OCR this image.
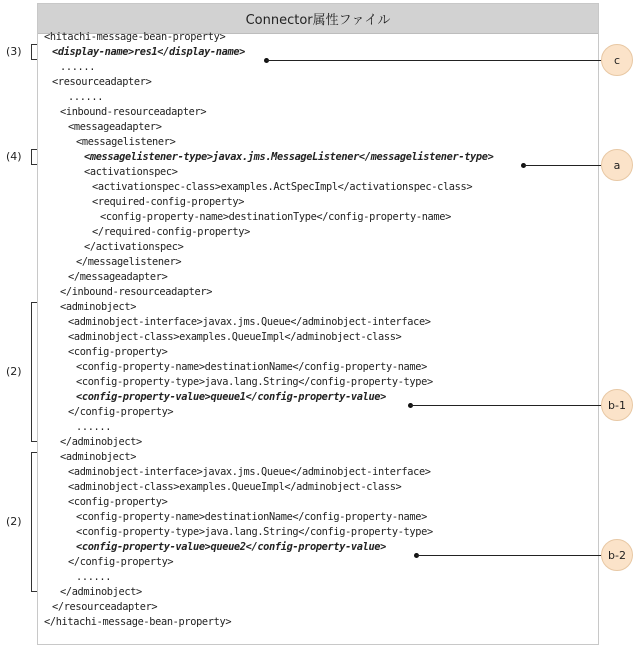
Connector属性ファイル
<hitachi-message-bean-property>
<display-name>res1</display-name>
......
<resourceadapter>
......
<inbound-resourceadapter>
<messageadapter>
<messagelistener>
<messagelistener-type>javax.jms.MessageListener</messagelistener-type>
<activationspec>
<activationspec-class>examples.ActSpecImpl</activationspec-class>
<required-config-property>
<config-property-name>destinationType</config-property-name>
</required-config-property>
</activationspec>
</messagelistener>
</messageadapter>
</inbound-resourceadapter>
<adminobject>
<adminobject-interface>javax.jms.Queue</adminobject-interface>
<adminobject-class>examples.QueueImpl</adminobject-class>
<config-property>
<config-property-name>destinationName</config-property-name>
<config-property-type>java.lang.String</config-property-type>
<config-property-value>queue1</config-property-value>
</config-property>
......
</adminobject>
<adminobject>
<adminobject-interface>javax.jms.Queue</adminobject-interface>
<adminobject-class>examples.QueueImpl</adminobject-class>
<config-property>
<config-property-name>destinationName</config-property-name>
<config-property-type>java.lang.String</config-property-type>
<config-property-value>queue2</config-property-value>
</config-property>
......
</adminobject>
</resourceadapter>
</hitachi-message-bean-property>
(3)
(4)
(2)
(2)
c
a
b-1
b-2
